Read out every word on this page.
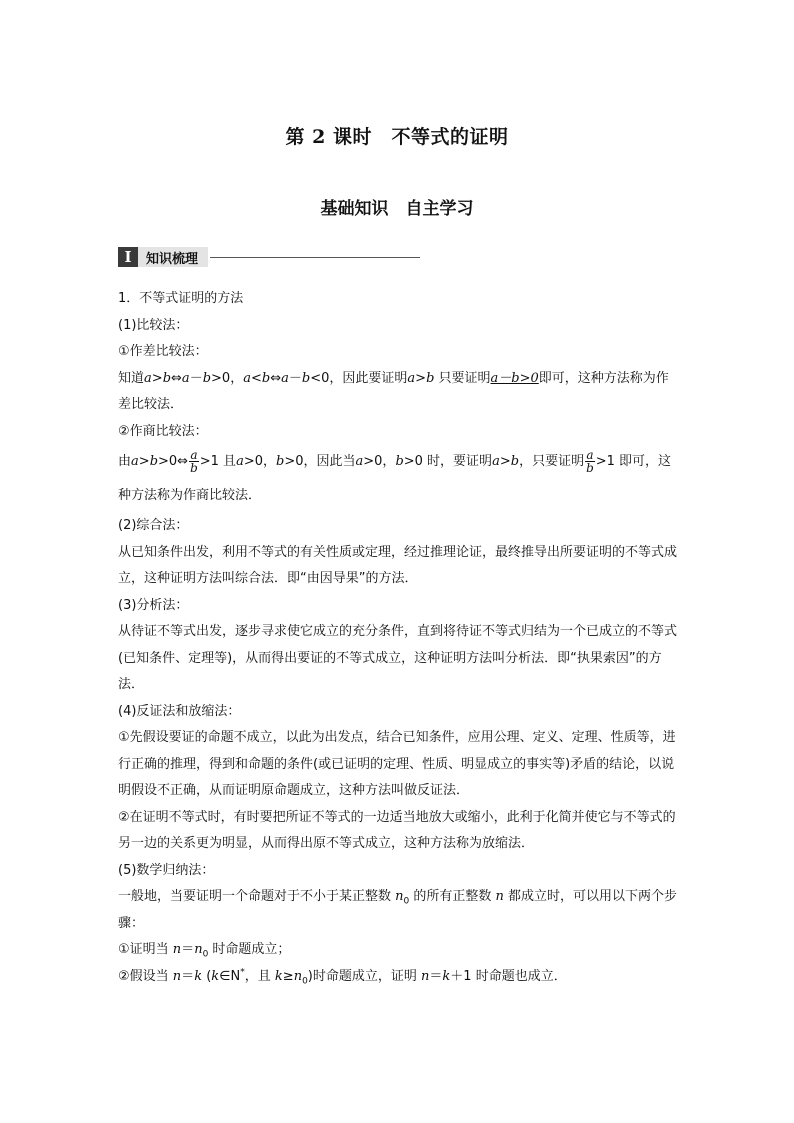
第 2 课时　不等式的证明
基础知识　自主学习
I	知识梳理

1．不等式证明的方法

(1)比较法：

①作差比较法：

知道a>b⇔a－b>0，a<b⇔a－b<0，因此要证明a>b 只要证明a－b>0即可，这种方法称为作差比较法．

②作商比较法：

由a>b>0⇔ $\frac{a}{b} >1$ 且a>0，b>0，因此当a>0，b>0 时，要证明a>b，只要证明 $\frac{a}{b} >1$ 即可，这种方法称为作商比较法．

(2)综合法：

从已知条件出发，利用不等式的有关性质或定理，经过推理论证，最终推导出所要证明的不等式成立，这种证明方法叫综合法．即“由因导果”的方法．

(3)分析法：

从待证不等式出发，逐步寻求使它成立的充分条件，直到将待证不等式归结为一个已成立的不等式(已知条件、定理等)，从而得出要证的不等式成立，这种证明方法叫分析法．即“执果索因”的方法．

(4)反证法和放缩法：

①先假设要证的命题不成立，以此为出发点，结合已知条件，应用公理、定义、定理、性质等，进行正确的推理，得到和命题的条件(或已证明的定理、性质、明显成立的事实等)矛盾的结论，以说明假设不正确，从而证明原命题成立，这种方法叫做反证法．

②在证明不等式时，有时要把所证不等式的一边适当地放大或缩小，此利于化简并使它与不等式的另一边的关系更为明显，从而得出原不等式成立，这种方法称为放缩法．

(5)数学归纳法：

一般地，当要证明一个命题对于不小于某正整数 $n_0$ 的所有正整数 n 都成立时，可以用以下两个步骤：

①证明当 $n=n_0$ 时命题成立；

②假设当 n＝k (k∈N*，且 $k\ge n_0$)时命题成立，证明 n＝k＋1 时命题也成立．
